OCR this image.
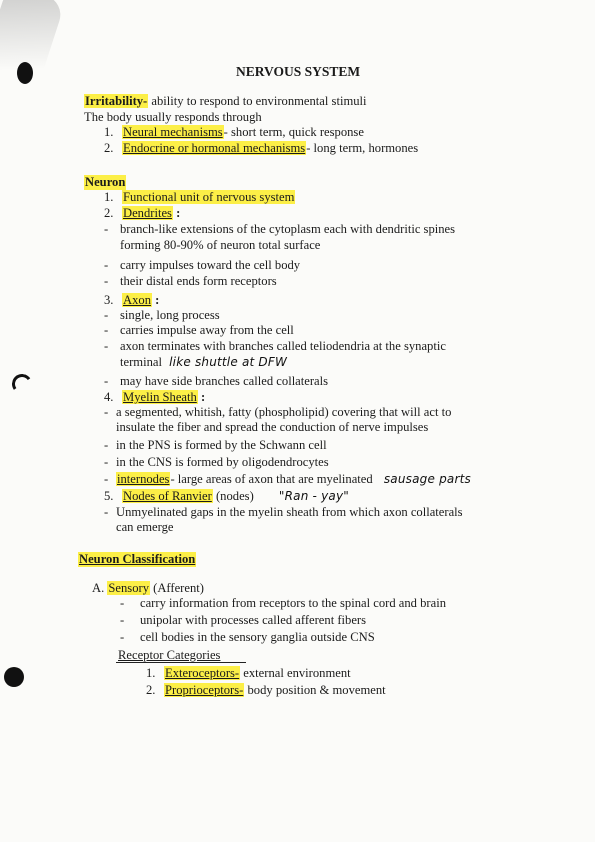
NERVOUS SYSTEM
Irritability- ability to respond to environmental stimuli
The body usually responds through
1. Neural mechanisms- short term, quick response
2. Endocrine or hormonal mechanisms- long term, hormones
Neuron
1. Functional unit of nervous system
2. Dendrites :
- branch-like extensions of the cytoplasm each with dendritic spines
forming 80-90% of neuron total surface
- carry impulses toward the cell body
- their distal ends form receptors
3. Axon :
- single, long process
- carries impulse away from the cell
- axon terminates with branches called teliodendria at the synaptic
terminal like shuttle at DFW
- may have side branches called collaterals
4. Myelin Sheath :
- a segmented, whitish, fatty (phospholipid) covering that will act to
insulate the fiber and spread the conduction of nerve impulses
- in the PNS is formed by the Schwann cell
- in the CNS is formed by oligodendrocytes
- internodes- large areas of axon that are myelinated sausage parts
5. Nodes of Ranvier (nodes) "Ran - yay"
- Unmyelinated gaps in the myelin sheath from which axon collaterals
can emerge
Neuron Classification
A. Sensory (Afferent)
- carry information from receptors to the spinal cord and brain
- unipolar with processes called afferent fibers
- cell bodies in the sensory ganglia outside CNS
Receptor Categories
1. Exteroceptors- external environment
2. Proprioceptors- body position & movement
